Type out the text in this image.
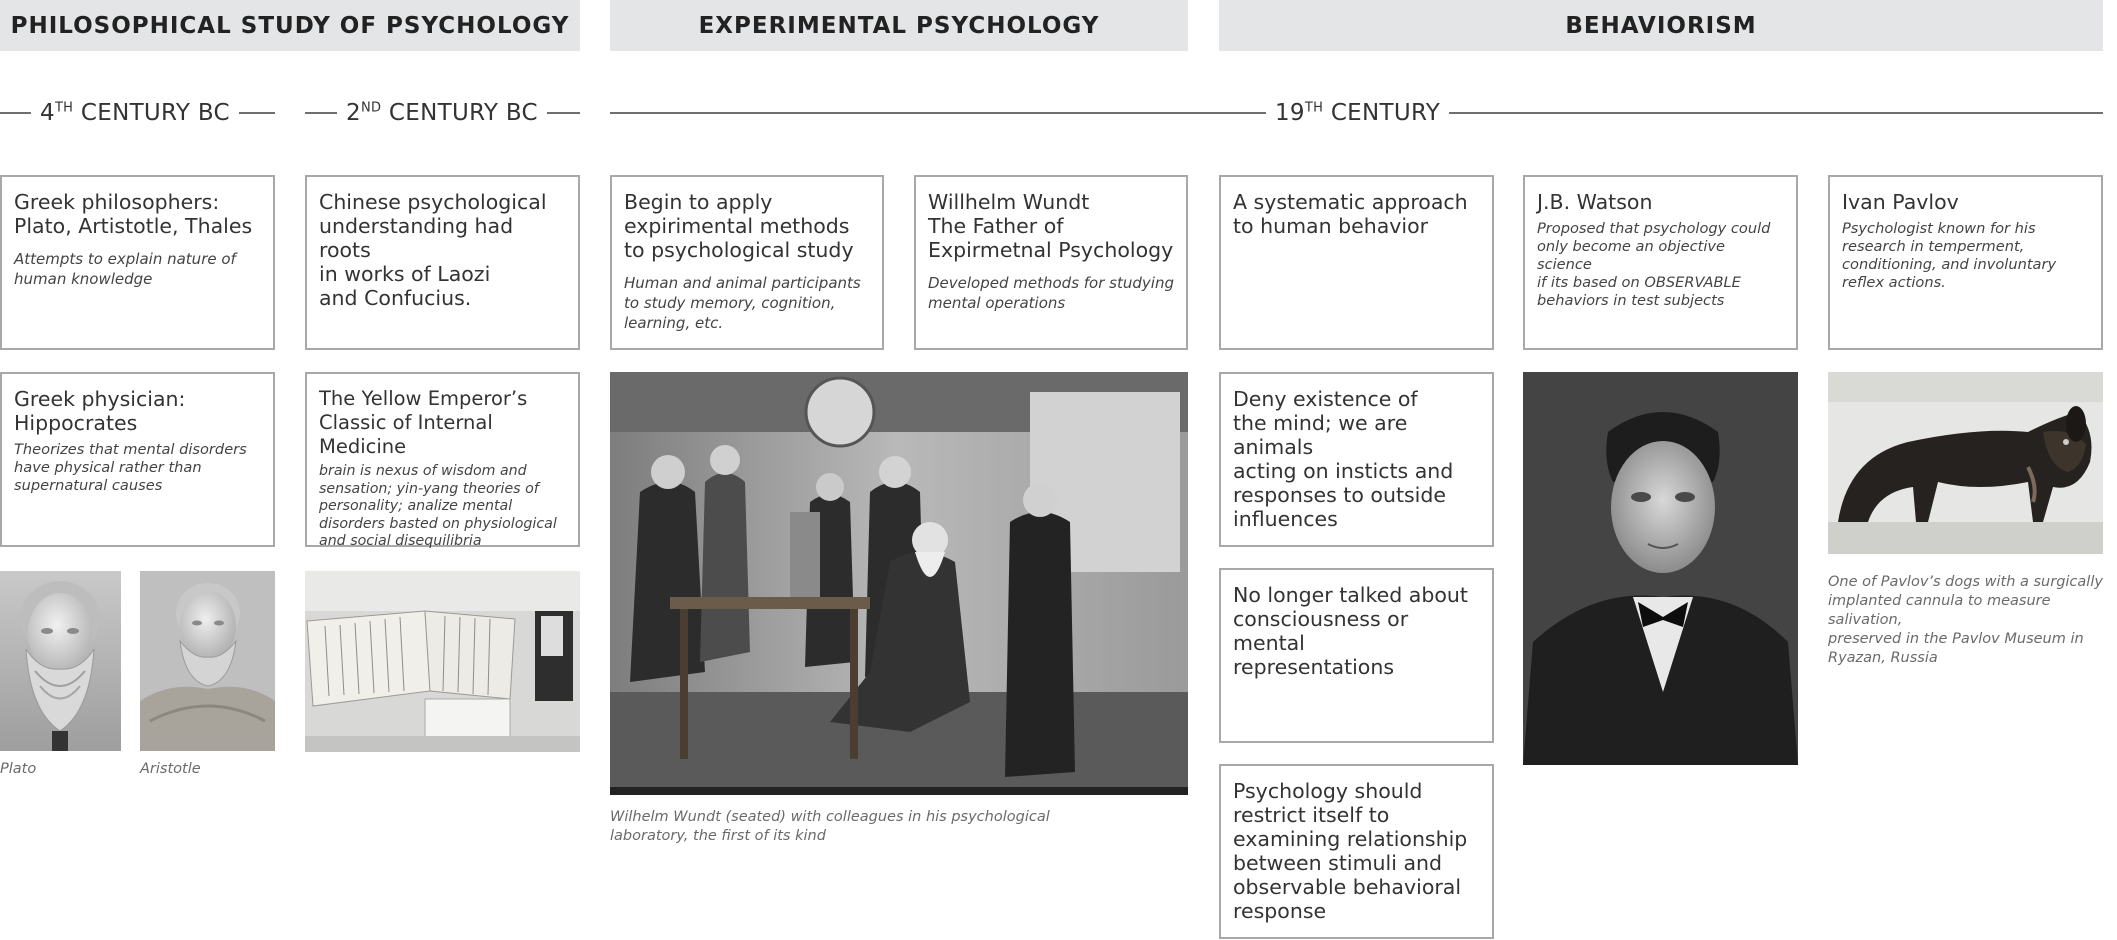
PHILOSOPHICAL STUDY OF PSYCHOLOGY	EXPERIMENTAL PSYCHOLOGY	BEHAVIORISM
4TH CENTURY BC	2ND CENTURY BC	19TH CENTURY
Greek philosophers:
Plato, Artistotle, Thales
Attempts to explain nature of
human knowledge
Chinese psychological
understanding had roots
in works of Laozi
and Confucius.
Begin to apply
expirimental methods
to psychological study
Human and animal participants
to study memory, cognition,
learning, etc.
Willhelm Wundt
The Father of
Expirmetnal Psychology
Developed methods for studying
mental operations
A systematic approach
to human behavior
J.B. Watson
Proposed that psychology could
only become an objective science
if its based on OBSERVABLE
behaviors in test subjects
Ivan Pavlov
Psychologist known for his
research in temperment,
conditioning, and involuntary
reflex actions.
Greek physician:
Hippocrates
Theorizes that mental disorders
have physical rather than
supernatural causes
The Yellow Emperor’s
Classic of Internal Medicine
brain is nexus of wisdom and
sensation; yin-yang theories of
personality; analize mental
disorders basted on physiological
and social disequilibria
Deny existence of
the mind; we are animals
acting on insticts and
responses to outside
influences
No longer talked about
consciousness or mental
representations
Psychology should
restrict itself to
examining relationship
between stimuli and
observable behavioral
response
Plato	Aristotle
Wilhelm Wundt (seated) with colleagues in his psychological
laboratory, the first of its kind
One of Pavlov’s dogs with a surgically
implanted cannula to measure salivation,
preserved in the Pavlov Museum in
Ryazan, Russia
